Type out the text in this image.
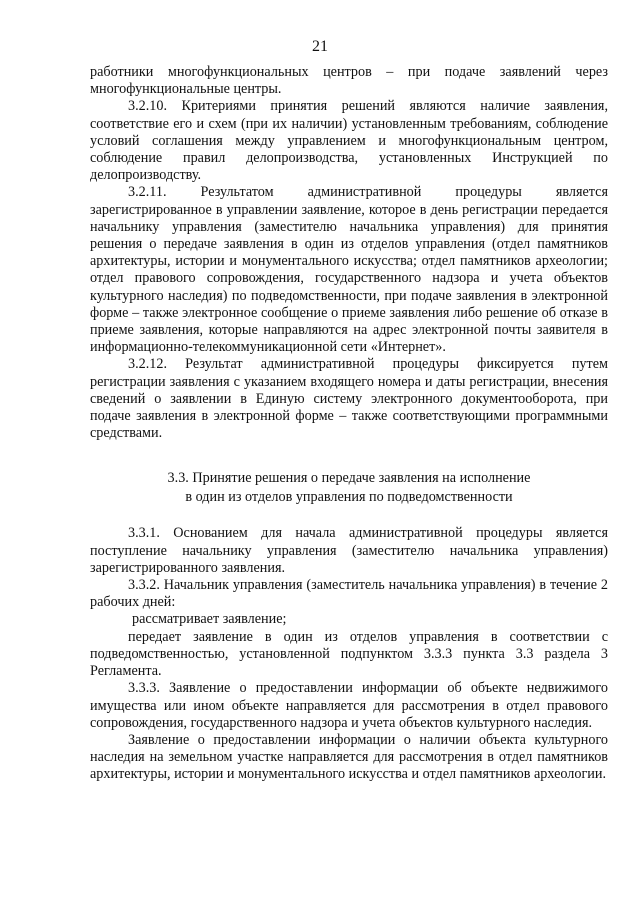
21

работники многофункциональных центров – при подаче заявлений через многофункциональные центры.

3.2.10. Критериями принятия решений являются наличие заявления, соответствие его и схем (при их наличии) установленным требованиям, соблюдение условий соглашения между управлением и многофункциональным центром, соблюдение правил делопроизводства, установленных Инструкцией по делопроизводству.

3.2.11. Результатом административной процедуры является зарегистрированное в управлении заявление, которое в день регистрации передается начальнику управления (заместителю начальника управления) для принятия решения о передаче заявления в один из отделов управления (отдел памятников архитектуры, истории и монументального искусства; отдел памятников археологии; отдел правового сопровождения, государственного надзора и учета объектов культурного наследия) по подведомственности, при подаче заявления в электронной форме – также электронное сообщение о приеме заявления либо решение об отказе в приеме заявления, которые направляются на адрес электронной почты заявителя в информационно-телекоммуникационной сети «Интернет».

3.2.12. Результат административной процедуры фиксируется путем регистрации заявления с указанием входящего номера и даты регистрации, внесения сведений о заявлении в Единую систему электронного документооборота, при подаче заявления в электронной форме – также соответствующими программными средствами.

3.3. Принятие решения о передаче заявления на исполнение
в один из отделов управления по подведомственности

3.3.1. Основанием для начала административной процедуры является поступление начальнику управления (заместителю начальника управления) зарегистрированного заявления.

3.3.2. Начальник управления (заместитель начальника управления) в течение 2 рабочих дней:

рассматривает заявление;

передает заявление в один из отделов управления в соответствии с подведомственностью, установленной подпунктом 3.3.3 пункта 3.3 раздела 3 Регламента.

3.3.3. Заявление о предоставлении информации об объекте недвижимого имущества или ином объекте направляется для рассмотрения в отдел правового сопровождения, государственного надзора и учета объектов культурного наследия.

Заявление о предоставлении информации о наличии объекта культурного наследия на земельном участке направляется для рассмотрения в отдел памятников архитектуры, истории и монументального искусства и отдел памятников археологии.
